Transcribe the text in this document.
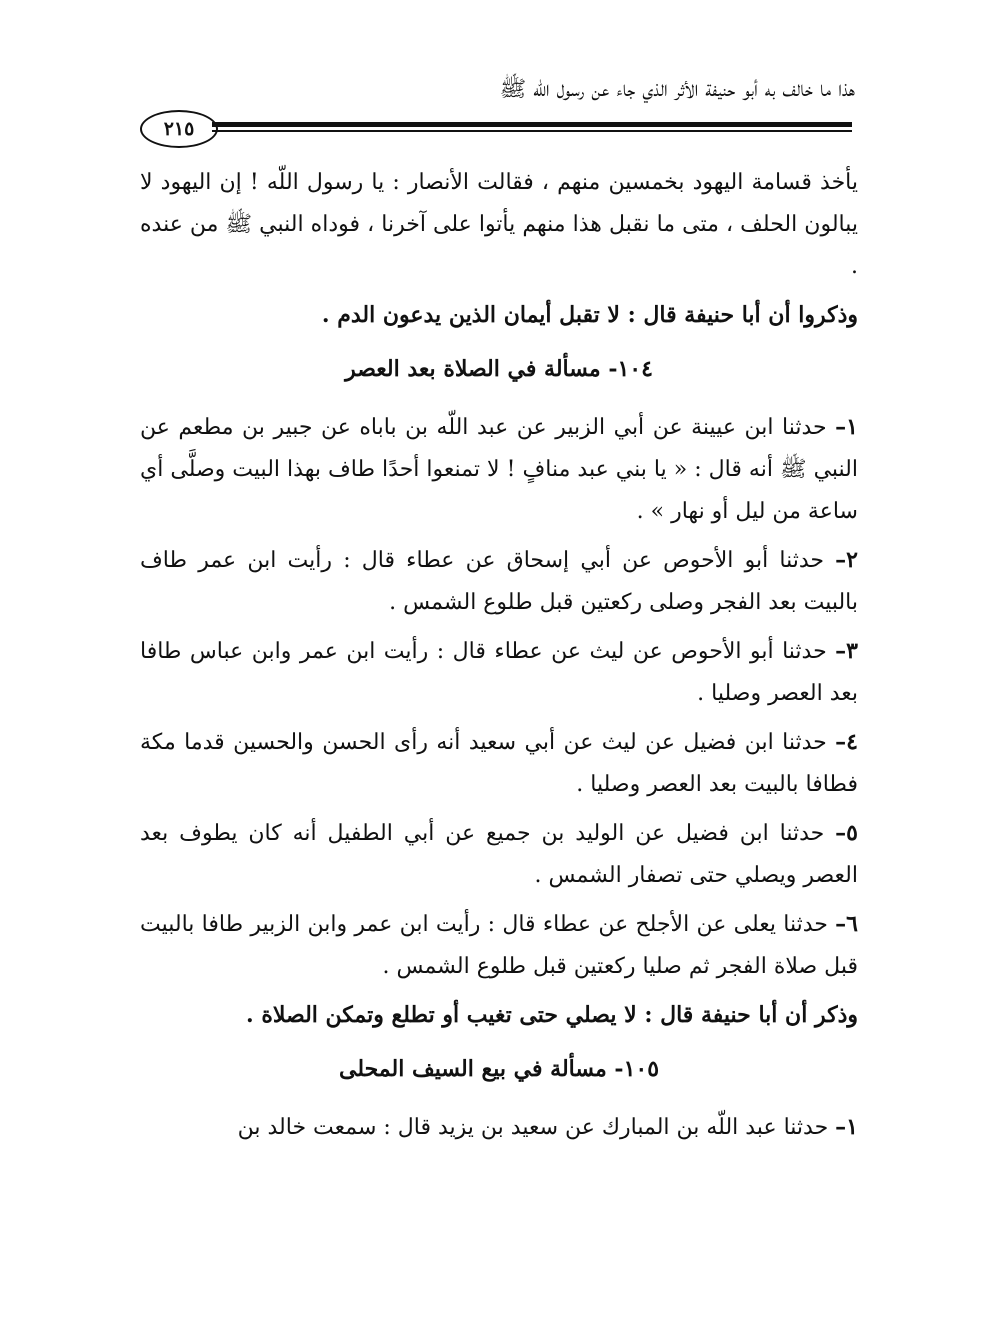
هذا ما خالف به أبو حنيفة الأثر الذي جاء عن رسول اللّه ﷺ
٢١٥

يأخذ قسامة اليهود بخمسين منهم ، فقالت الأنصار : يا رسول اللّه ! إن اليهود لا يبالون الحلف ، متى ما نقبل هذا منهم يأتوا على آخرنا ، فوداه النبي ﷺ من عنده .

وذكروا أن أبا حنيفة قال : لا تقبل أيمان الذين يدعون الدم .

١٠٤- مسألة في الصلاة بعد العصر

١– حدثنا ابن عيينة عن أبي الزبير عن عبد اللّه بن باباه عن جبير بن مطعم عن النبي ﷺ أنه قال : « يا بني عبد منافٍ ! لا تمنعوا أحدًا طاف بهذا البيت وصلَّى أي ساعة من ليل أو نهار » .

٢– حدثنا أبو الأحوص عن أبي إسحاق عن عطاء قال : رأيت ابن عمر طاف بالبيت بعد الفجر وصلى ركعتين قبل طلوع الشمس .

٣– حدثنا أبو الأحوص عن ليث عن عطاء قال : رأيت ابن عمر وابن عباس طافا بعد العصر وصليا .

٤– حدثنا ابن فضيل عن ليث عن أبي سعيد أنه رأى الحسن والحسين قدما مكة فطافا بالبيت بعد العصر وصليا .

٥– حدثنا ابن فضيل عن الوليد بن جميع عن أبي الطفيل أنه كان يطوف بعد العصر ويصلي حتى تصفار الشمس .

٦– حدثنا يعلى عن الأجلح عن عطاء قال : رأيت ابن عمر وابن الزبير طافا بالبيت قبل صلاة الفجر ثم صليا ركعتين قبل طلوع الشمس .

وذكر أن أبا حنيفة قال : لا يصلي حتى تغيب أو تطلع وتمكن الصلاة .

١٠٥- مسألة في بيع السيف المحلى

١– حدثنا عبد اللّه بن المبارك عن سعيد بن يزيد قال : سمعت خالد بن
